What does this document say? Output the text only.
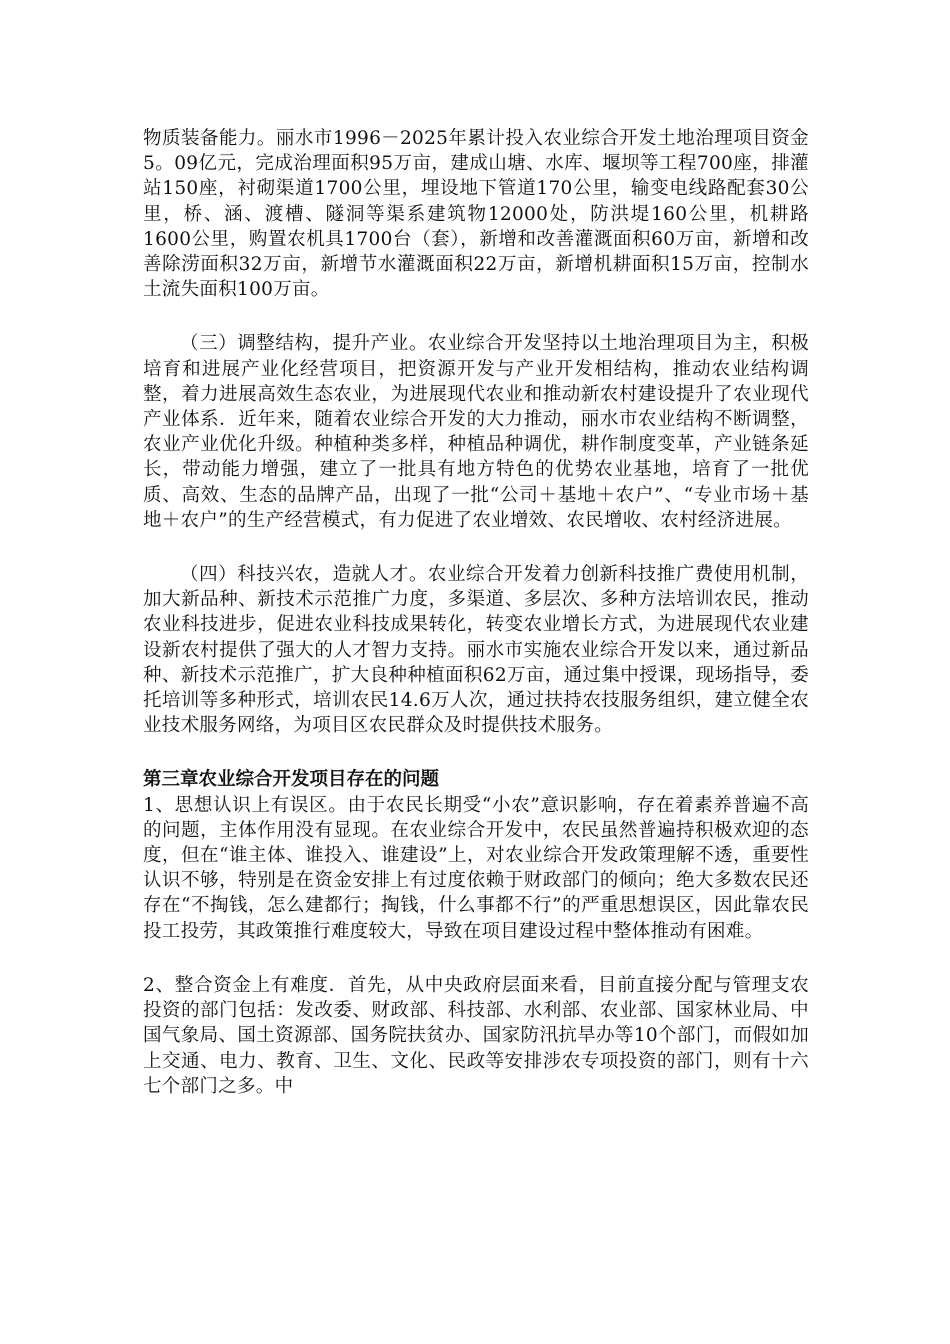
物质装备能力。丽水市1996－2025年累计投入农业综合开发土地治理项目资金5。09亿元，完成治理面积95万亩，建成山塘、水库、堰坝等工程700座，排灌站150座，衬砌渠道1700公里，埋设地下管道170公里，输变电线路配套30公里，桥、涵、渡槽、隧洞等渠系建筑物12000处，防洪堤160公里，机耕路1600公里，购置农机具1700台（套），新增和改善灌溉面积60万亩，新增和改善除涝面积32万亩，新增节水灌溉面积22万亩，新增机耕面积15万亩，控制水土流失面积100万亩。

（三）调整结构，提升产业。农业综合开发坚持以土地治理项目为主，积极培育和进展产业化经营项目，把资源开发与产业开发相结构，推动农业结构调整，着力进展高效生态农业，为进展现代农业和推动新农村建设提升了农业现代产业体系．近年来，随着农业综合开发的大力推动，丽水市农业结构不断调整，农业产业优化升级。种植种类多样，种植品种调优，耕作制度变革，产业链条延长，带动能力增强，建立了一批具有地方特色的优势农业基地，培育了一批优质、高效、生态的品牌产品，出现了一批“公司＋基地＋农户”、“专业市场＋基地＋农户”的生产经营模式，有力促进了农业增效、农民增收、农村经济进展。

（四）科技兴农，造就人才。农业综合开发着力创新科技推广费使用机制，加大新品种、新技术示范推广力度，多渠道、多层次、多种方法培训农民，推动农业科技进步，促进农业科技成果转化，转变农业增长方式，为进展现代农业建设新农村提供了强大的人才智力支持。丽水市实施农业综合开发以来，通过新品种、新技术示范推广，扩大良种种植面积62万亩，通过集中授课，现场指导，委托培训等多种形式，培训农民14.6万人次，通过扶持农技服务组织，建立健全农业技术服务网络，为项目区农民群众及时提供技术服务。

第三章农业综合开发项目存在的问题

1、思想认识上有误区。由于农民长期受“小农”意识影响，存在着素养普遍不高的问题，主体作用没有显现。在农业综合开发中，农民虽然普遍持积极欢迎的态度，但在“谁主体、谁投入、谁建设”上，对农业综合开发政策理解不透，重要性认识不够，特别是在资金安排上有过度依赖于财政部门的倾向；绝大多数农民还存在“不掏钱，怎么建都行；掏钱，什么事都不行”的严重思想误区，因此靠农民投工投劳，其政策推行难度较大，导致在项目建设过程中整体推动有困难。

2、整合资金上有难度．首先，从中央政府层面来看，目前直接分配与管理支农投资的部门包括：发改委、财政部、科技部、水利部、农业部、国家林业局、中国气象局、国土资源部、国务院扶贫办、国家防汛抗旱办等10个部门，而假如加上交通、电力、教育、卫生、文化、民政等安排涉农专项投资的部门，则有十六七个部门之多。中
